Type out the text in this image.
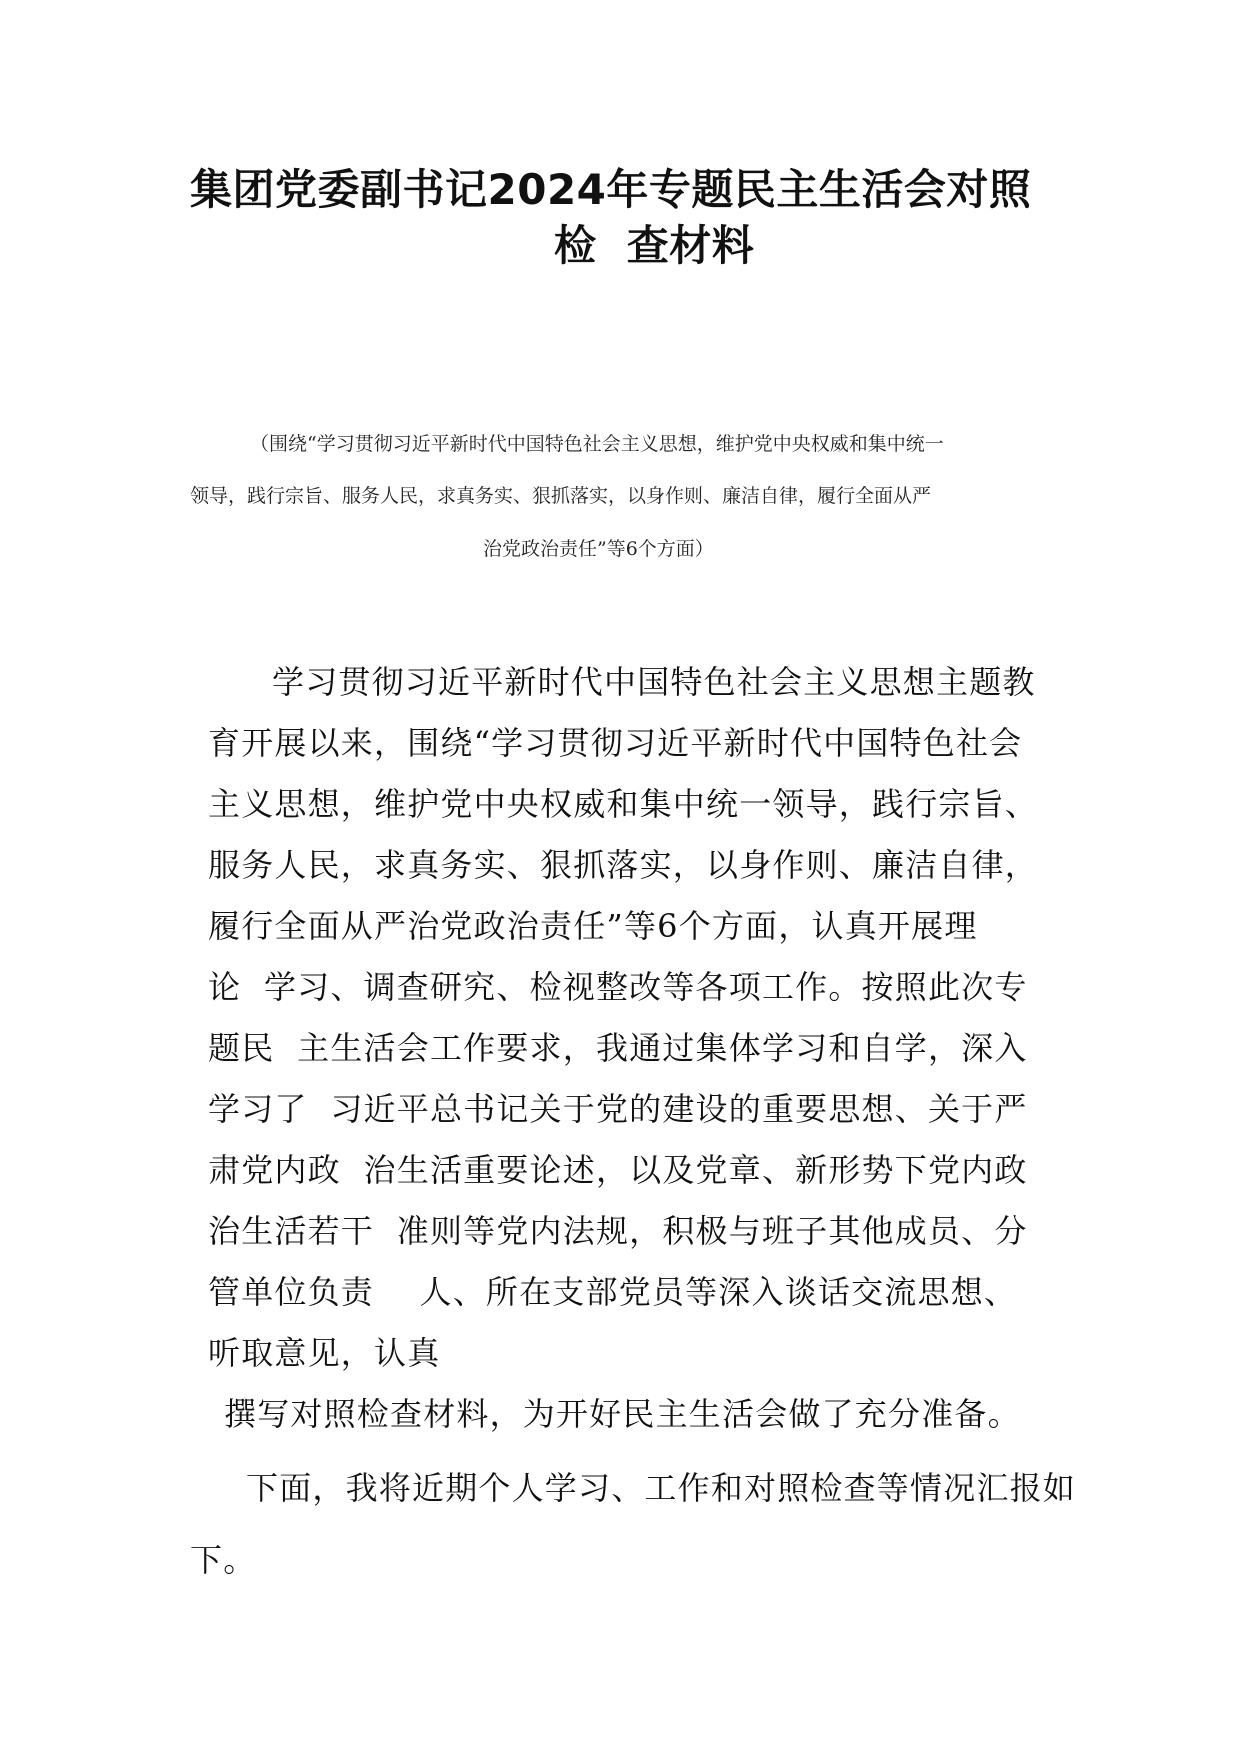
集团党委副书记2024年专题民主生活会对照
检  查材料
（围绕“学习贯彻习近平新时代中国特色社会主义思想，维护党中央权威和集中统一
领导，践行宗旨、服务人民，求真务实、狠抓落实，以身作则、廉洁自律，履行全面从严
治党政治责任”等6个方面）
学习贯彻习近平新时代中国特色社会主义思想主题教
育开展以来，围绕“学习贯彻习近平新时代中国特色社会
主义思想，维护党中央权威和集中统一领导，践行宗旨、
服务人民，求真务实、狠抓落实，以身作则、廉洁自律，
履行全面从严治党政治责任”等6个方面，认真开展理
论  学习、调查研究、检视整改等各项工作。按照此次专
题民  主生活会工作要求，我通过集体学习和自学，深入
学习了  习近平总书记关于党的建设的重要思想、关于严
肃党内政  治生活重要论述，以及党章、新形势下党内政
治生活若干  准则等党内法规，积极与班子其他成员、分
管单位负责    人、所在支部党员等深入谈话交流思想、
听取意见，认真
撰写对照检查材料，为开好民主生活会做了充分准备。
下面，我将近期个人学习、工作和对照检查等情况汇报如
下。
